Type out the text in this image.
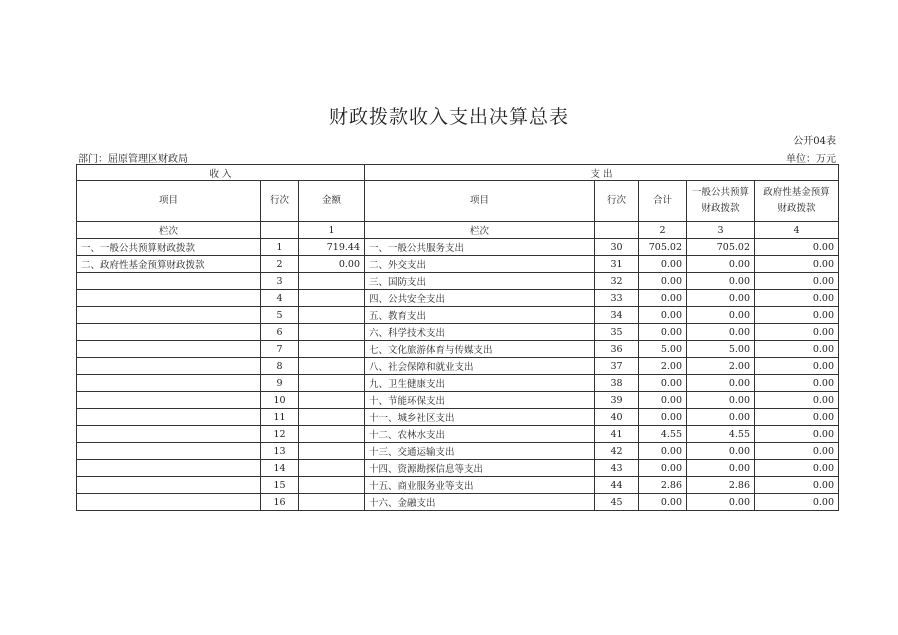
财政拨款收入支出决算总表
公开04表
部门：屈原管理区财政局	单位：万元
收 入			支 出				
项目	行次	金额	项目	行次	合计	一般公共预算财政拨款	政府性基金预算财政拨款
栏次		1	栏次		2	3	4
一、一般公共预算财政拨款	1	719.44	一、一般公共服务支出	30	705.02	705.02	0.00
二、政府性基金预算财政拨款	2	0.00	二、外交支出	31	0.00	0.00	0.00
	3		三、国防支出	32	0.00	0.00	0.00
	4		四、公共安全支出	33	0.00	0.00	0.00
	5		五、教育支出	34	0.00	0.00	0.00
	6		六、科学技术支出	35	0.00	0.00	0.00
	7		七、文化旅游体育与传媒支出	36	5.00	5.00	0.00
	8		八、社会保障和就业支出	37	2.00	2.00	0.00
	9		九、卫生健康支出	38	0.00	0.00	0.00
	10		十、节能环保支出	39	0.00	0.00	0.00
	11		十一、城乡社区支出	40	0.00	0.00	0.00
	12		十二、农林水支出	41	4.55	4.55	0.00
	13		十三、交通运输支出	42	0.00	0.00	0.00
	14		十四、资源勘探信息等支出	43	0.00	0.00	0.00
	15		十五、商业服务业等支出	44	2.86	2.86	0.00
	16		十六、金融支出	45	0.00	0.00	0.00
